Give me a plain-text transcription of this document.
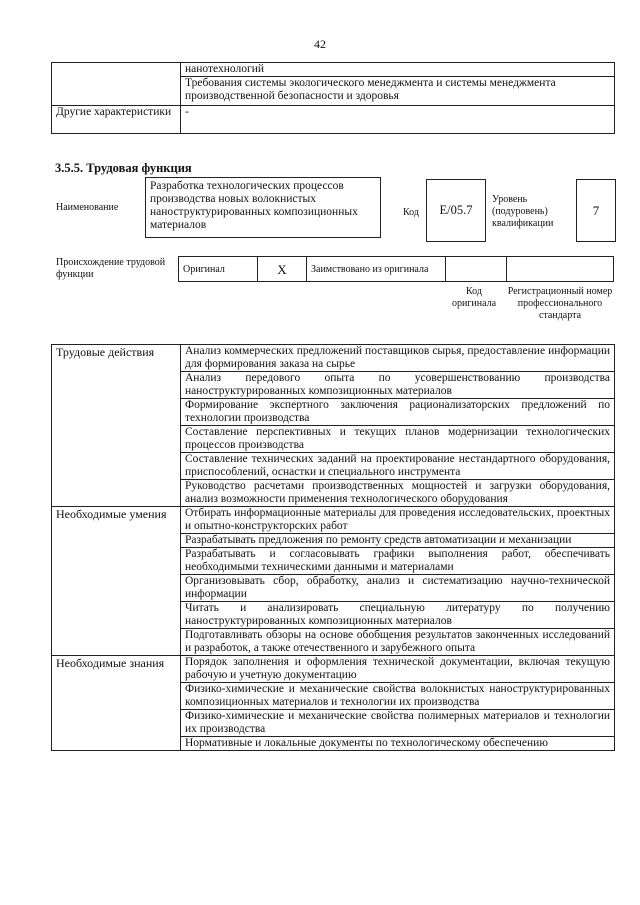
42
	нанотехнологий
	Требования системы экологического менеджмента и системы менеджмента производственной безопасности и здоровья
Другие характеристики	-
3.5.5. Трудовая функция
Наименование
Разработка технологических процессов производства новых волокнистых наноструктурированных композиционных материалов
Код	E/05.7
Уровень (подуровень) квалификации
7
Происхождение трудовой функции	Оригинал	X	Заимствовано из оригинала		
Код оригинала
Регистрационный номер профессионального стандарта
Трудовые действия	Анализ коммерческих предложений поставщиков сырья, предоставление информации для формирования заказа на сырье
	Анализ передового опыта по усовершенствованию производства наноструктурированных композиционных материалов
	Формирование экспертного заключения рационализаторских предложений по технологии производства
	Составление перспективных и текущих планов модернизации технологических процессов производства
	Составление технических заданий на проектирование нестандартного оборудования, приспособлений, оснастки и специального инструмента
	Руководство расчетами производственных мощностей и загрузки оборудования, анализ возможности применения технологического оборудования
Необходимые умения	Отбирать информационные материалы для проведения исследовательских, проектных и опытно-конструкторских работ
	Разрабатывать предложения по ремонту средств автоматизации и механизации
	Разрабатывать и согласовывать графики выполнения работ, обеспечивать необходимыми техническими данными и материалами
	Организовывать сбор, обработку, анализ и систематизацию научно-технической информации
	Читать и анализировать специальную литературу по получению наноструктурированных композиционных материалов
	Подготавливать обзоры на основе обобщения результатов законченных исследований и разработок, а также отечественного и зарубежного опыта
Необходимые знания	Порядок заполнения и оформления технической документации, включая текущую рабочую и учетную документацию
	Физико-химические и механические свойства волокнистых наноструктурированных композиционных материалов и технологии их производства
	Физико-химические и механические свойства полимерных материалов и технологии их производства
	Нормативные и локальные документы по технологическому обеспечению
